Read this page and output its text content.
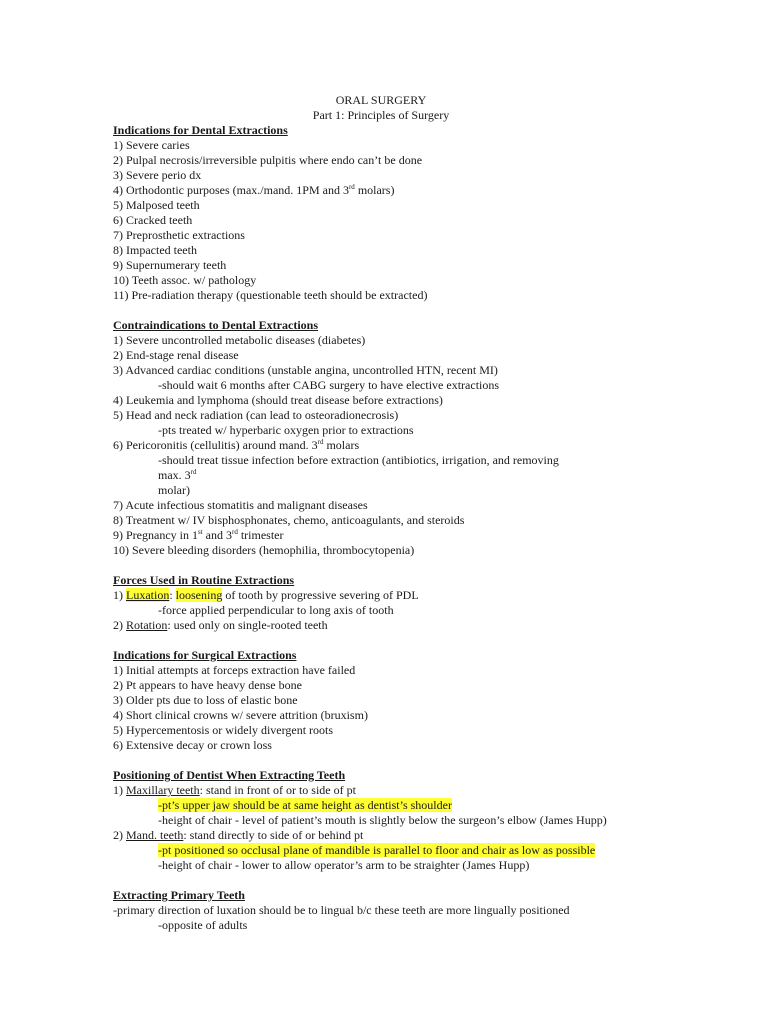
ORAL SURGERY
Part 1: Principles of Surgery
Indications for Dental Extractions
1) Severe caries
2) Pulpal necrosis/irreversible pulpitis where endo can’t be done
3) Severe perio dx
4) Orthodontic purposes (max./mand. 1PM and 3rd molars)
5) Malposed teeth
6) Cracked teeth
7) Preprosthetic extractions
8) Impacted teeth
9) Supernumerary teeth
10) Teeth assoc. w/ pathology
11) Pre-radiation therapy (questionable teeth should be extracted)
Contraindications to Dental Extractions
1) Severe uncontrolled metabolic diseases (diabetes)
2) End-stage renal disease
3) Advanced cardiac conditions (unstable angina, uncontrolled HTN, recent MI)
-should wait 6 months after CABG surgery to have elective extractions
4) Leukemia and lymphoma (should treat disease before extractions)
5) Head and neck radiation (can lead to osteoradionecrosis)
-pts treated w/ hyperbaric oxygen prior to extractions
6) Pericoronitis (cellulitis) around mand. 3rd molars
-should treat tissue infection before extraction (antibiotics, irrigation, and removing max. 3rd
molar)
7) Acute infectious stomatitis and malignant diseases
8) Treatment w/ IV bisphosphonates, chemo, anticoagulants, and steroids
9) Pregnancy in 1st and 3rd trimester
10) Severe bleeding disorders (hemophilia, thrombocytopenia)
Forces Used in Routine Extractions
1) Luxation: loosening of tooth by progressive severing of PDL
-force applied perpendicular to long axis of tooth
2) Rotation: used only on single-rooted teeth
Indications for Surgical Extractions
1) Initial attempts at forceps extraction have failed
2) Pt appears to have heavy dense bone
3) Older pts due to loss of elastic bone
4) Short clinical crowns w/ severe attrition (bruxism)
5) Hypercementosis or widely divergent roots
6) Extensive decay or crown loss
Positioning of Dentist When Extracting Teeth
1) Maxillary teeth: stand in front of or to side of pt
-pt’s upper jaw should be at same height as dentist’s shoulder
-height of chair - level of patient’s mouth is slightly below the surgeon’s elbow (James Hupp)
2) Mand. teeth: stand directly to side of or behind pt
-pt positioned so occlusal plane of mandible is parallel to floor and chair as low as possible
-height of chair - lower to allow operator’s arm to be straighter (James Hupp)
Extracting Primary Teeth
-primary direction of luxation should be to lingual b/c these teeth are more lingually positioned
-opposite of adults
